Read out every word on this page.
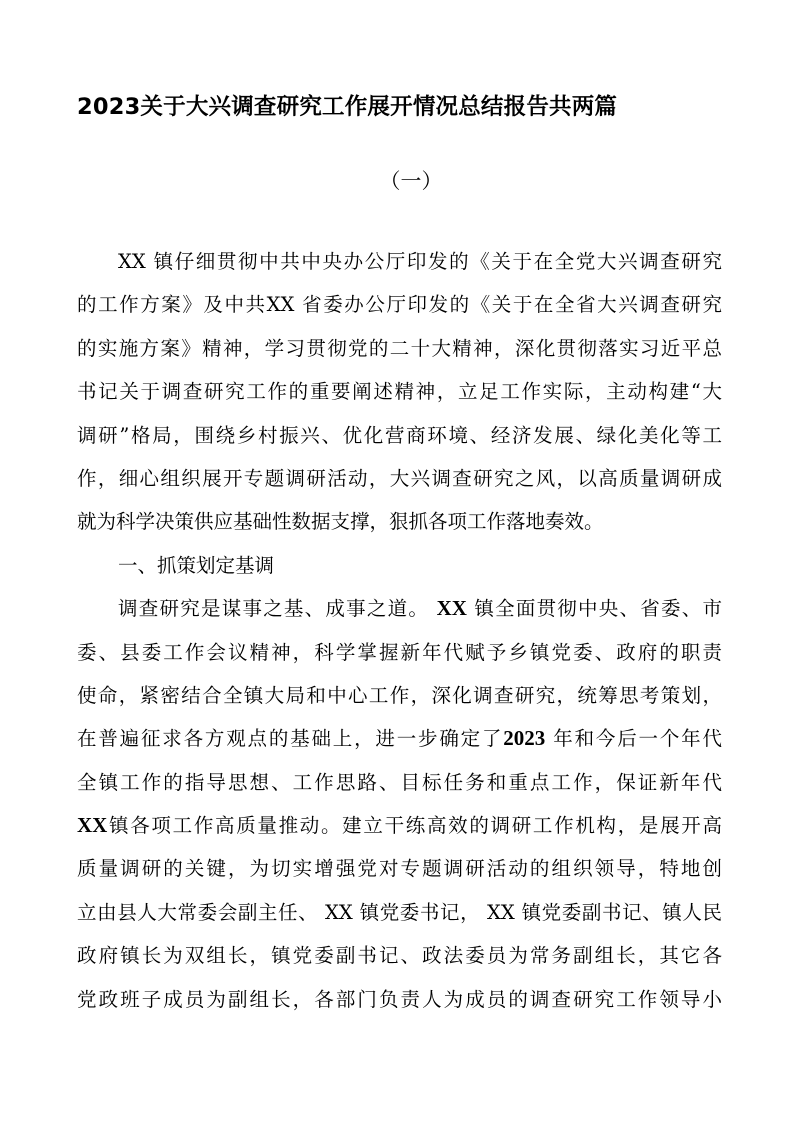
2023关于大兴调查研究工作展开情况总结报告共两篇
（一）
XX 镇仔细贯彻中共中央办公厅印发的《关于在全党大兴调查研究
的工作方案》及中共XX 省委办公厅印发的《关于在全省大兴调查研究
的实施方案》精神，学习贯彻党的二十大精神，深化贯彻落实习近平总
书记关于调查研究工作的重要阐述精神，立足工作实际，主动构建“大
调研”格局，围绕乡村振兴、优化营商环境、经济发展、绿化美化等工
作，细心组织展开专题调研活动，大兴调查研究之风，以高质量调研成
就为科学决策供应基础性数据支撑，狠抓各项工作落地奏效。
一、抓策划定基调
调查研究是谋事之基、成事之道。 XX 镇全面贯彻中央、省委、市
委、县委工作会议精神，科学掌握新年代赋予乡镇党委、政府的职责
使命，紧密结合全镇大局和中心工作，深化调查研究，统筹思考策划，
在普遍征求各方观点的基础上，进一步确定了2023 年和今后一个年代
全镇工作的指导思想、工作思路、目标任务和重点工作，保证新年代
XX镇各项工作高质量推动。建立干练高效的调研工作机构，是展开高
质量调研的关键，为切实增强党对专题调研活动的组织领导，特地创
立由县人大常委会副主任、 XX 镇党委书记， XX 镇党委副书记、镇人民
政府镇长为双组长，镇党委副书记、政法委员为常务副组长，其它各
党政班子成员为副组长，各部门负责人为成员的调查研究工作领导小
